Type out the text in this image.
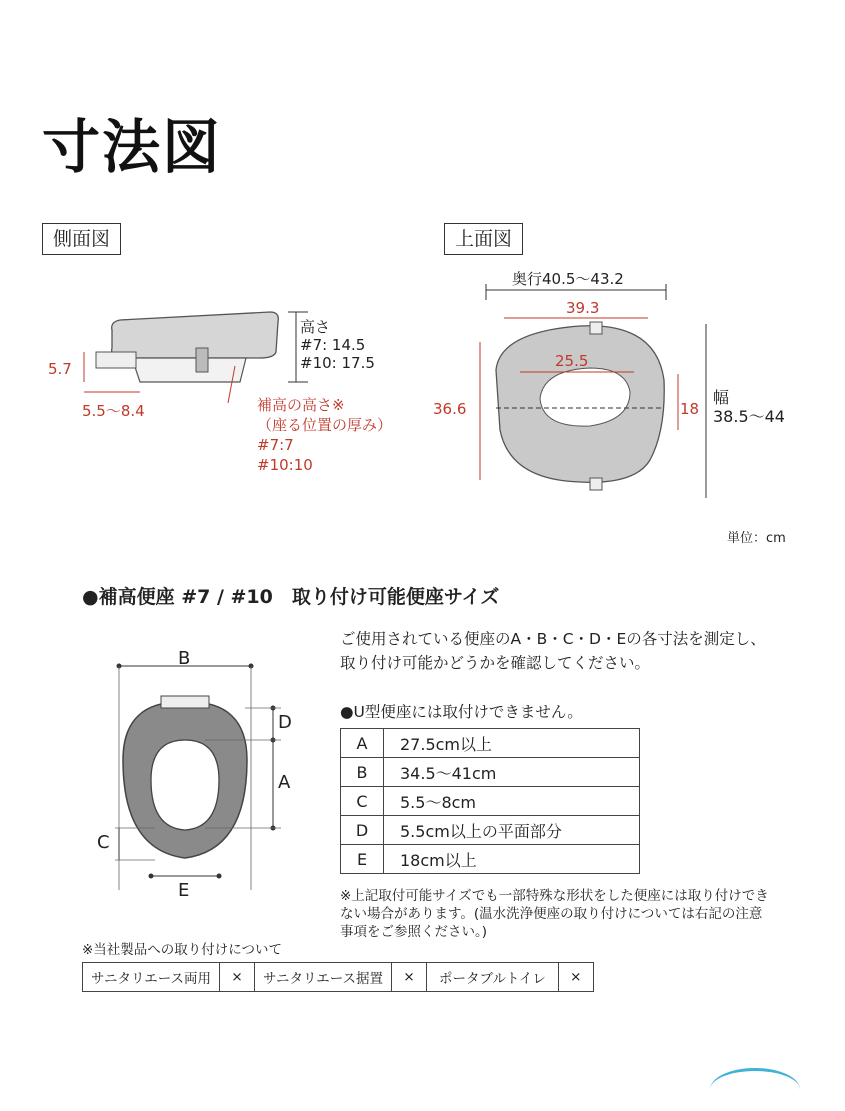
寸法図
側面図
高さ
#7: 14.5
#10: 17.5
5.7
5.5～8.4	補高の高さ※
（座る位置の厚み）
#7:7
#10:10
上面図
奥行40.5～43.2
39.3
25.5
36.6	18
幅
38.5～44
単位：cm
●補高便座 #7 / #10　取り付け可能便座サイズ
B
D
A
C
E
ご使用されている便座のA・B・C・D・Eの各寸法を測定し、取り付け可能かどうかを確認してください。
●U型便座には取付けできません。
A	27.5cm以上
B	34.5～41cm
C	5.5～8cm
D	5.5cm以上の平面部分
E	18cm以上
※上記取付可能サイズでも一部特殊な形状をした便座には取り付けできない場合があります。(温水洗浄便座の取り付けについては右記の注意事項をご参照ください。)
※当社製品への取り付けについて
サニタリエース両用	×	サニタリエース据置	×	ポータブルトイレ	×
